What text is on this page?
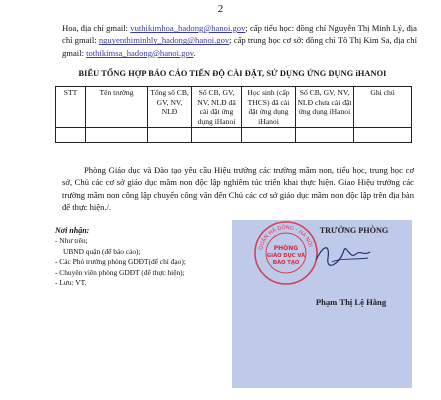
2
Hoa, địa chỉ gmail: vuthikimhoa_hadong@hanoi.gov; cấp tiểu học: đồng chí Nguyễn Thị Minh Lý, địa chỉ gmail: nguyenthiminhly_hadong@hanoi.gov; cấp trung học cơ sở: đồng chí Tô Thị Kim Sa, địa chỉ gmail: tothikimsa_hadong@hanoi.gov.
BIỂU TỔNG HỢP BÁO CÁO TIẾN ĐỘ CÀI ĐẶT, SỬ DỤNG ỨNG DỤNG iHANOI
STT	Tên trường	Tổng số CB, GV, NV, NLĐ	Số CB, GV, NV, NLĐ đã cài đặt ứng dụng iHanoi	Học sinh (cấp THCS) đã cài đặt ứng dụng iHanoi	Số CB, GV, NV, NLĐ chưa cài đặt ứng dụng iHanoi	Ghi chú

Phòng Giáo dục và Đào tạo yêu cầu Hiệu trưởng các trường mầm non, tiểu học, trung học cơ sở, Chủ các cơ sở giáo dục mầm non độc lập nghiêm túc triển khai thực hiện. Giao Hiệu trưởng các trường mầm non công lập chuyển công văn đến Chủ các cơ sở giáo dục mầm non độc lập trên địa bàn để thực hiện./.
Nơi nhận:
- Như trên;
UBND quận (để báo cáo);
- Các Phó trưởng phòng GDĐT(để chỉ đạo);
- Chuyên viên phòng GDĐT (để thực hiện);
- Lưu: VT.
QUẬN HÀ ĐÔNG - HÀ NỘI
PHÒNG
GIÁO DỤC VÀ
ĐÀO TẠO
TRƯỞNG PHÒNG
Phạm Thị Lệ Hằng
